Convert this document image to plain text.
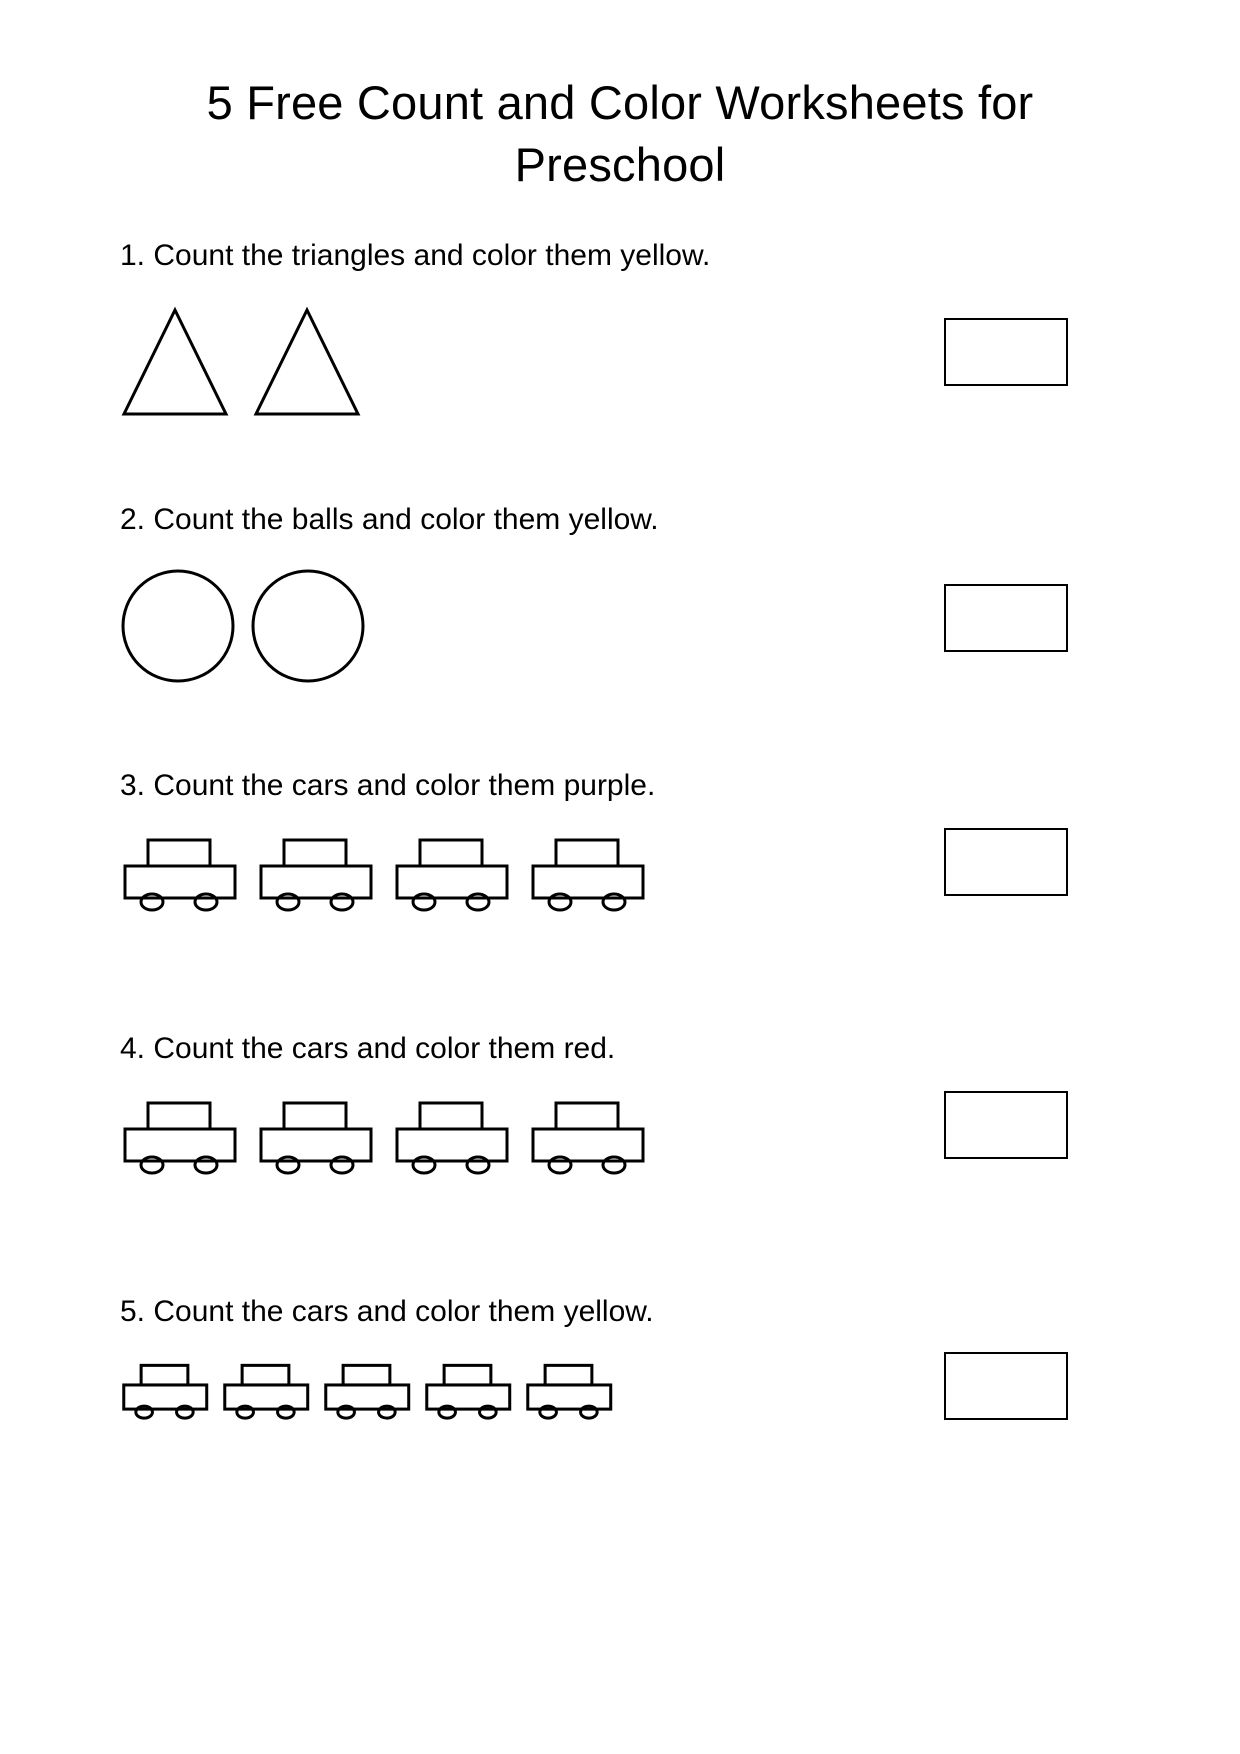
5 Free Count and Color Worksheets for Preschool

1. Count the triangles and color them yellow.

2. Count the balls and color them yellow.

3. Count the cars and color them purple.

4. Count the cars and color them red.

5. Count the cars and color them yellow.
